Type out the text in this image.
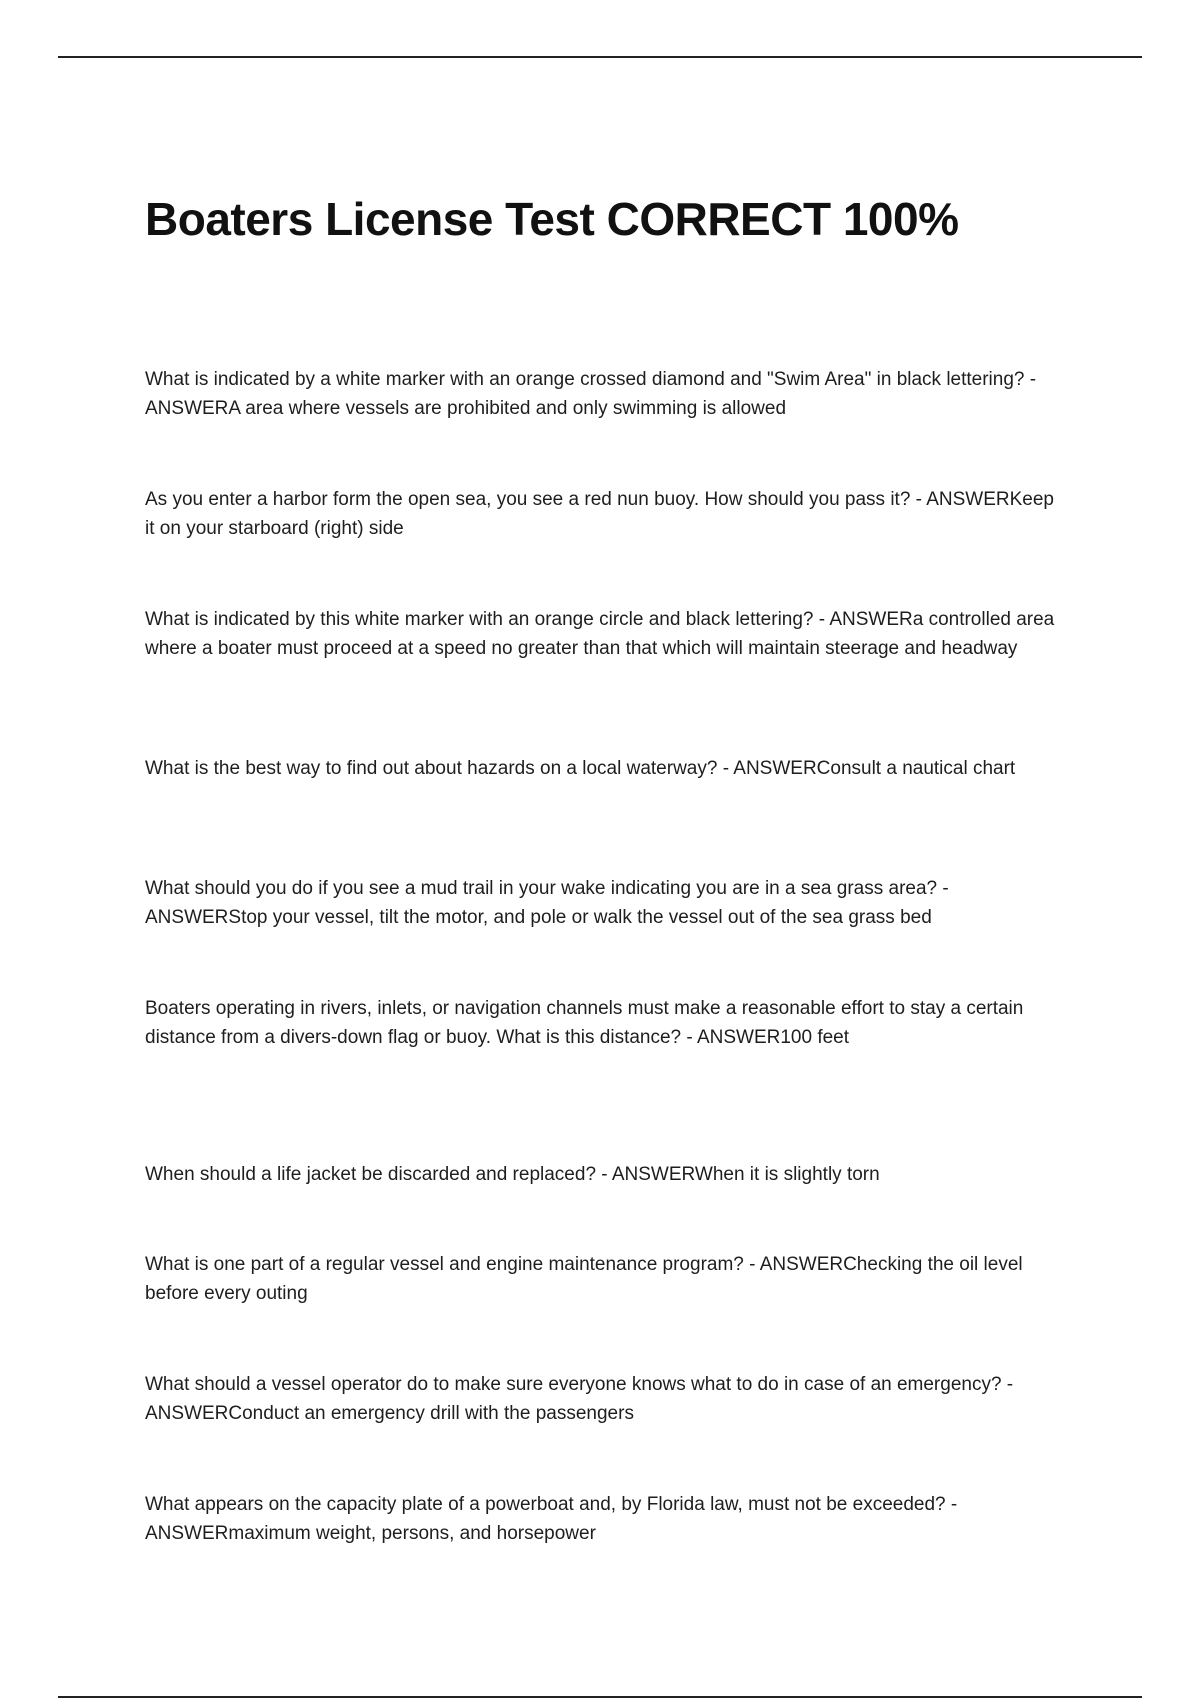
Boaters License Test CORRECT 100%

What is indicated by a white marker with an orange crossed diamond and "Swim Area" in black lettering? - ANSWERA area where vessels are prohibited and only swimming is allowed

As you enter a harbor form the open sea, you see a red nun buoy. How should you pass it? - ANSWERKeep it on your starboard (right) side

What is indicated by this white marker with an orange circle and black lettering? - ANSWERa controlled area where a boater must proceed at a speed no greater than that which will maintain steerage and headway

What is the best way to find out about hazards on a local waterway? - ANSWERConsult a nautical chart

What should you do if you see a mud trail in your wake indicating you are in a sea grass area? - ANSWERStop your vessel, tilt the motor, and pole or walk the vessel out of the sea grass bed

Boaters operating in rivers, inlets, or navigation channels must make a reasonable effort to stay a certain distance from a divers-down flag or buoy. What is this distance? - ANSWER100 feet

When should a life jacket be discarded and replaced? - ANSWERWhen it is slightly torn

What is one part of a regular vessel and engine maintenance program? - ANSWERChecking the oil level before every outing

What should a vessel operator do to make sure everyone knows what to do in case of an emergency? - ANSWERConduct an emergency drill with the passengers

What appears on the capacity plate of a powerboat and, by Florida law, must not be exceeded? - ANSWERmaximum weight, persons, and horsepower
